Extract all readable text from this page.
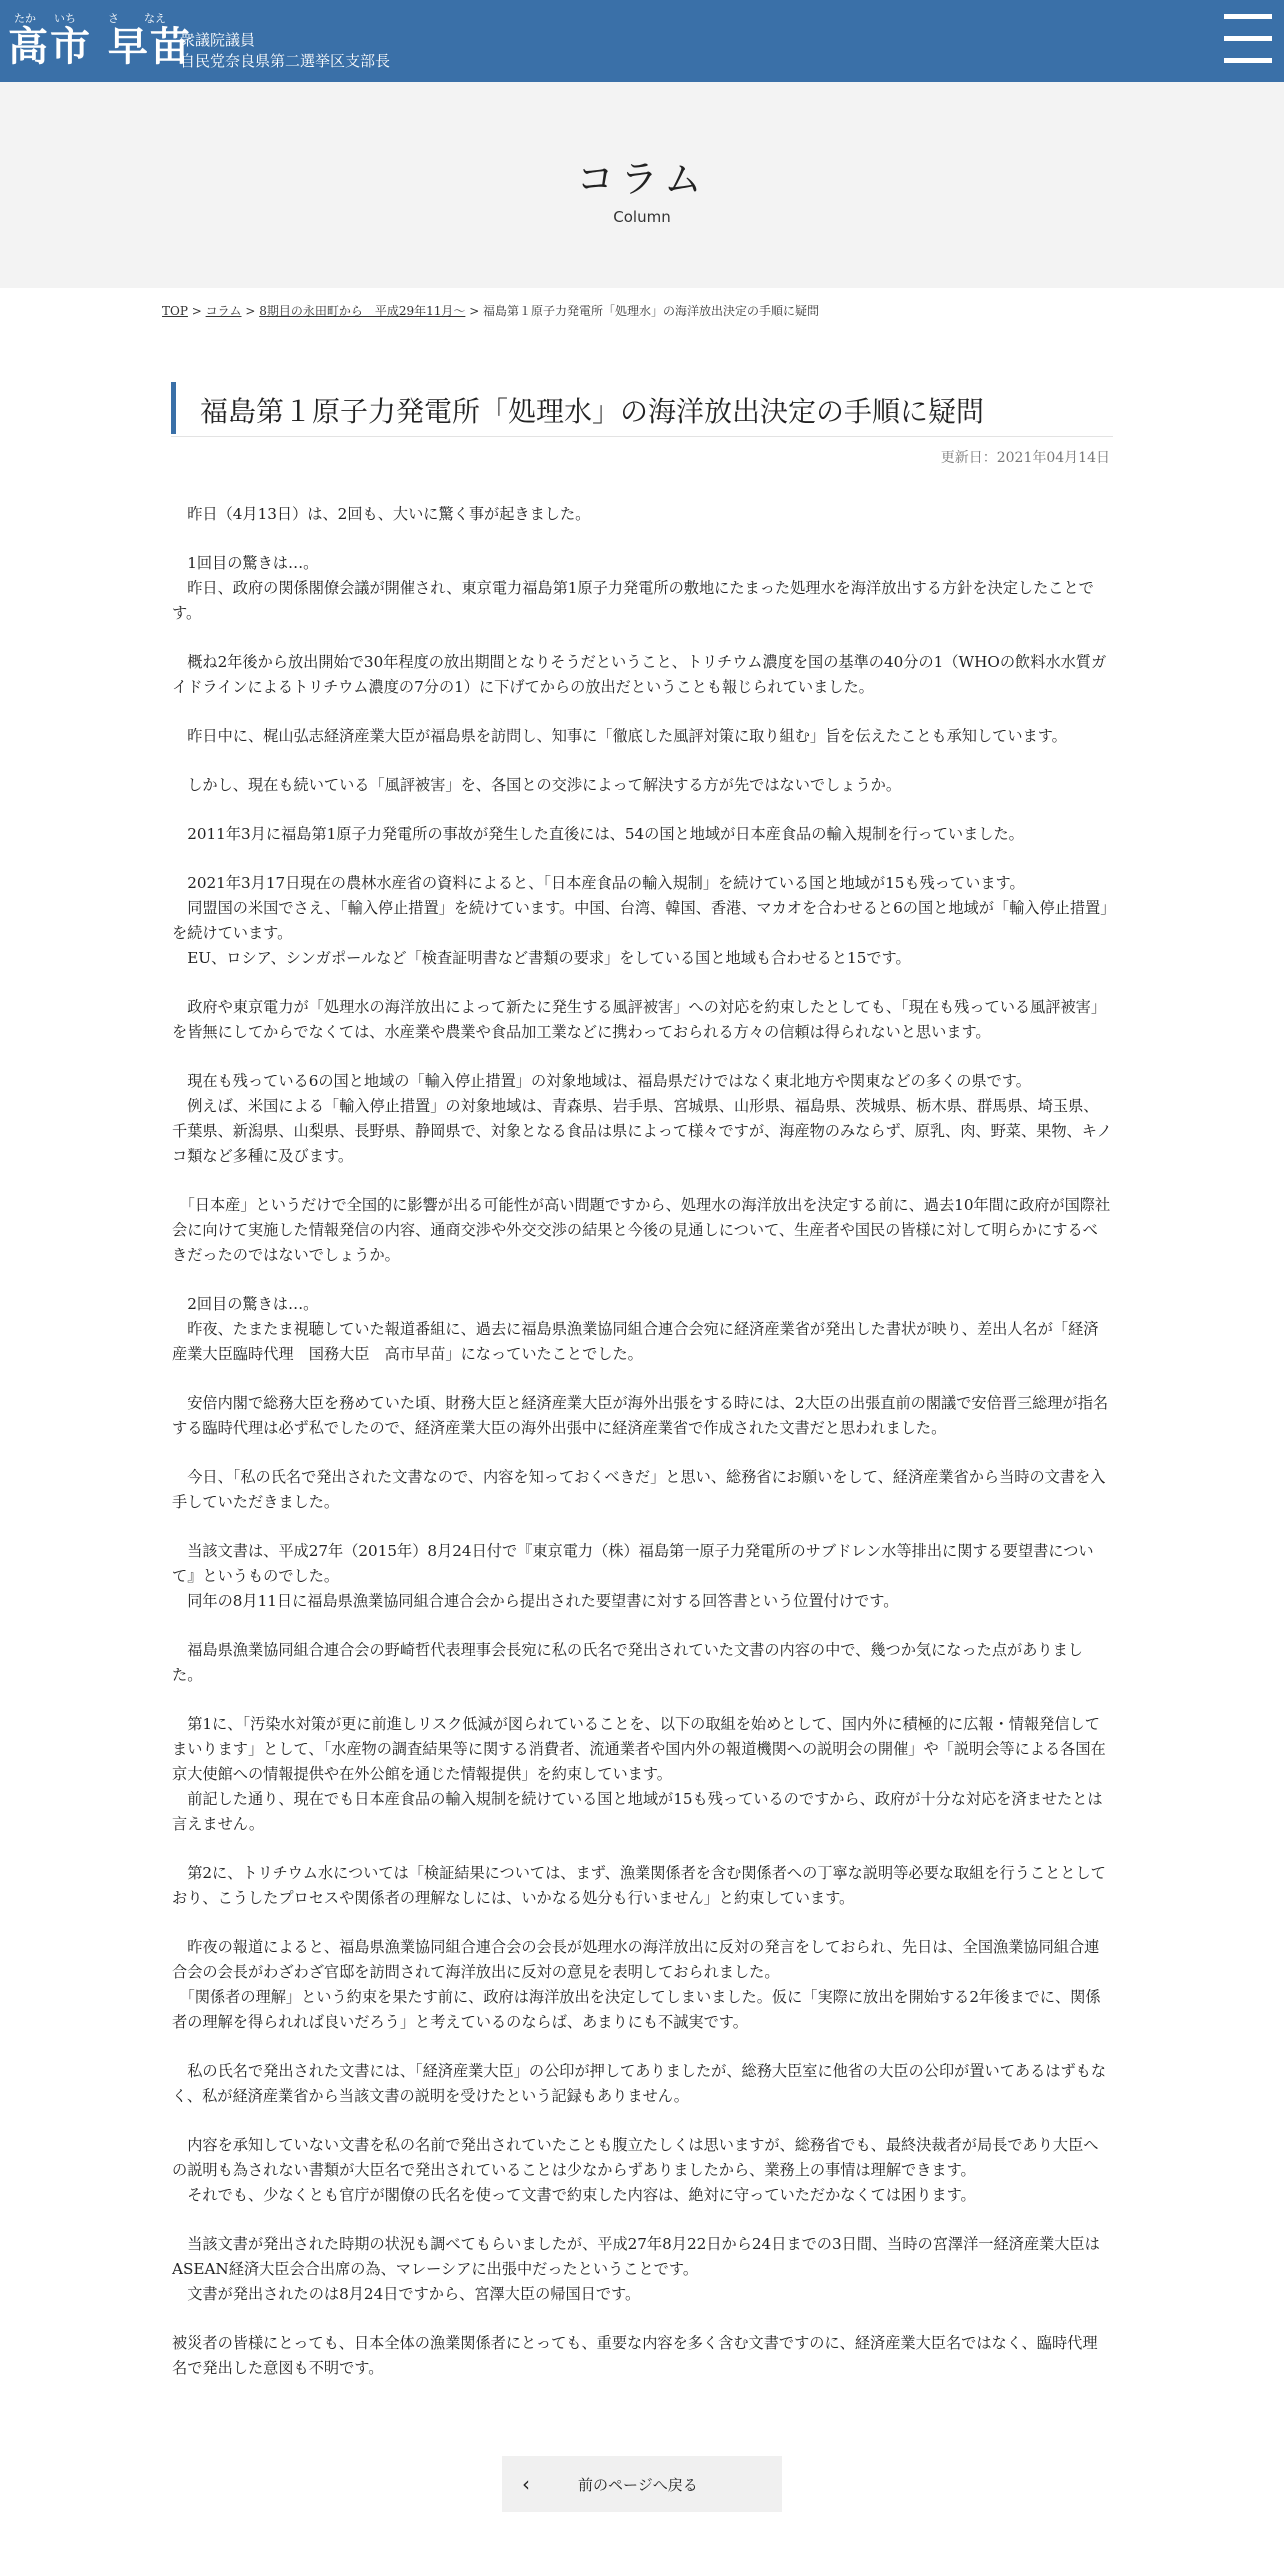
たか いち	さ なえ
高市 早苗
衆議院議員
自民党奈良県第二選挙区支部長
コラム
Column
TOP > コラム > 8期目の永田町から　平成29年11月～ > 福島第１原子力発電所「処理水」の海洋放出決定の手順に疑問
福島第１原子力発電所「処理水」の海洋放出決定の手順に疑問
更新日：2021年04月14日

　昨日（4月13日）は、2回も、大いに驚く事が起きました。

　1回目の驚きは…。
　昨日、政府の関係閣僚会議が開催され、東京電力福島第1原子力発電所の敷地にたまった処理水を海洋放出する方針を決定したことです。

　概ね2年後から放出開始で30年程度の放出期間となりそうだということ、トリチウム濃度を国の基準の40分の1（WHOの飲料水水質ガイドラインによるトリチウム濃度の7分の1）に下げてからの放出だということも報じられていました。

　昨日中に、梶山弘志経済産業大臣が福島県を訪問し、知事に「徹底した風評対策に取り組む」旨を伝えたことも承知しています。

　しかし、現在も続いている「風評被害」を、各国との交渉によって解決する方が先ではないでしょうか。

　2011年3月に福島第1原子力発電所の事故が発生した直後には、54の国と地域が日本産食品の輸入規制を行っていました。

　2021年3月17日現在の農林水産省の資料によると、「日本産食品の輸入規制」を続けている国と地域が15も残っています。
　同盟国の米国でさえ、「輸入停止措置」を続けています。中国、台湾、韓国、香港、マカオを合わせると6の国と地域が「輸入停止措置」を続けています。
　EU、ロシア、シンガポールなど「検査証明書など書類の要求」をしている国と地域も合わせると15です。

　政府や東京電力が「処理水の海洋放出によって新たに発生する風評被害」への対応を約束したとしても、「現在も残っている風評被害」を皆無にしてからでなくては、水産業や農業や食品加工業などに携わっておられる方々の信頼は得られないと思います。

　現在も残っている6の国と地域の「輸入停止措置」の対象地域は、福島県だけではなく東北地方や関東などの多くの県です。
　例えば、米国による「輸入停止措置」の対象地域は、青森県、岩手県、宮城県、山形県、福島県、茨城県、栃木県、群馬県、埼玉県、千葉県、新潟県、山梨県、長野県、静岡県で、対象となる食品は県によって様々ですが、海産物のみならず、原乳、肉、野菜、果物、キノコ類など多種に及びます。

　「日本産」というだけで全国的に影響が出る可能性が高い問題ですから、処理水の海洋放出を決定する前に、過去10年間に政府が国際社会に向けて実施した情報発信の内容、通商交渉や外交交渉の結果と今後の見通しについて、生産者や国民の皆様に対して明らかにするべきだったのではないでしょうか。

　2回目の驚きは…。
　昨夜、たまたま視聴していた報道番組に、過去に福島県漁業協同組合連合会宛に経済産業省が発出した書状が映り、差出人名が「経済産業大臣臨時代理　国務大臣　高市早苗」になっていたことでした。

　安倍内閣で総務大臣を務めていた頃、財務大臣と経済産業大臣が海外出張をする時には、2大臣の出張直前の閣議で安倍晋三総理が指名する臨時代理は必ず私でしたので、経済産業大臣の海外出張中に経済産業省で作成された文書だと思われました。

　今日、「私の氏名で発出された文書なので、内容を知っておくべきだ」と思い、総務省にお願いをして、経済産業省から当時の文書を入手していただきました。

　当該文書は、平成27年（2015年）8月24日付で『東京電力（株）福島第一原子力発電所のサブドレン水等排出に関する要望書について』というものでした。
　同年の8月11日に福島県漁業協同組合連合会から提出された要望書に対する回答書という位置付けです。

　福島県漁業協同組合連合会の野崎哲代表理事会長宛に私の氏名で発出されていた文書の内容の中で、幾つか気になった点がありました。

　第1に、「汚染水対策が更に前進しリスク低減が図られていることを、以下の取組を始めとして、国内外に積極的に広報・情報発信してまいります」として、「水産物の調査結果等に関する消費者、流通業者や国内外の報道機関への説明会の開催」や「説明会等による各国在京大使館への情報提供や在外公館を通じた情報提供」を約束しています。
　前記した通り、現在でも日本産食品の輸入規制を続けている国と地域が15も残っているのですから、政府が十分な対応を済ませたとは言えません。

　第2に、トリチウム水については「検証結果については、まず、漁業関係者を含む関係者への丁寧な説明等必要な取組を行うこととしており、こうしたプロセスや関係者の理解なしには、いかなる処分も行いません」と約束しています。

　昨夜の報道によると、福島県漁業協同組合連合会の会長が処理水の海洋放出に反対の発言をしておられ、先日は、全国漁業協同組合連合会の会長がわざわざ官邸を訪問されて海洋放出に反対の意見を表明しておられました。
　「関係者の理解」という約束を果たす前に、政府は海洋放出を決定してしまいました。仮に「実際に放出を開始する2年後までに、関係者の理解を得られれば良いだろう」と考えているのならば、あまりにも不誠実です。

　私の氏名で発出された文書には、「経済産業大臣」の公印が押してありましたが、総務大臣室に他省の大臣の公印が置いてあるはずもなく、私が経済産業省から当該文書の説明を受けたという記録もありません。

　内容を承知していない文書を私の名前で発出されていたことも腹立たしくは思いますが、総務省でも、最終決裁者が局長であり大臣への説明も為されない書類が大臣名で発出されていることは少なからずありましたから、業務上の事情は理解できます。
　それでも、少なくとも官庁が閣僚の氏名を使って文書で約束した内容は、絶対に守っていただかなくては困ります。

　当該文書が発出された時期の状況も調べてもらいましたが、平成27年8月22日から24日までの3日間、当時の宮澤洋一経済産業大臣はASEAN経済大臣会合出席の為、マレーシアに出張中だったということです。
　文書が発出されたのは8月24日ですから、宮澤大臣の帰国日です。

被災者の皆様にとっても、日本全体の漁業関係者にとっても、重要な内容を多く含む文書ですのに、経済産業大臣名ではなく、臨時代理名で発出した意図も不明です。

‹	前のページへ戻る
